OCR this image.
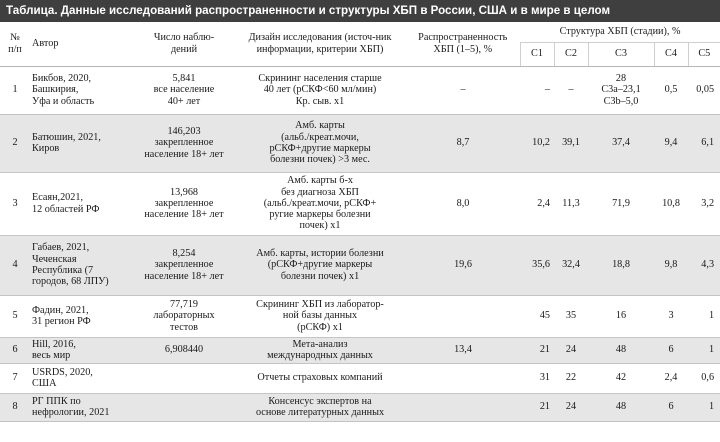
Таблица. Данные исследований распространенности и структуры ХБП в России, США и в мире в целом
№ п/п	Автор	Число наблю-дений	Дизайн исследования (источ-ник информации, критерии ХБП)	Распространенность ХБП (1–5), %	Структура ХБП (стадии), %				
					С1	С2	С3	С4	С5
1	Бикбов, 2020,
Башкирия,
Уфа и область	5,841
все население
40+ лет	Скрининг населения старше
40 лет (рСКФ<60 мл/мин)
Кр. сыв. х1	–	–	–	28
С3а–23,1
С3b–5,0	0,5	0,05
2	Батюшин, 2021,
Киров	146,203
закрепленное
население 18+ лет	Амб. карты
(альб./креат.мочи,
рСКФ+другие маркеры
болезни почек) >3 мес.	8,7	10,2	39,1	37,4	9,4	6,1
3	Есаян,2021,
12 областей РФ	13,968
закрепленное
население 18+ лет	Амб. карты б-х
без диагноза ХБП
(альб./креат.мочи, рСКФ+
ругие маркеры болезни
почек) х1	8,0	2,4	11,3	71,9	10,8	3,2
4	Габаев, 2021,
Чеченская
Республика (7
городов, 68 ЛПУ)	8,254
закрепленное
население 18+ лет	Амб. карты, истории болезни
(рСКФ+другие маркеры
болезни почек) х1	19,6	35,6	32,4	18,8	9,8	4,3
5	Фадин, 2021,
31 регион РФ	77,719
лабораторных
тестов	Скрининг ХБП из лаборатор-
ной базы данных
(рСКФ) х1		45	35	16	3	1
6	Hill, 2016,
весь мир	6,908440	Мета-анализ
международных данных	13,4	21	24	48	6	1
7	USRDS, 2020,
США		Отчеты страховых компаний		31	22	42	2,4	0,6
8	РГ ППК по
нефрологии, 2021		Консенсус экспертов на
основе литературных данных		21	24	48	6	1
